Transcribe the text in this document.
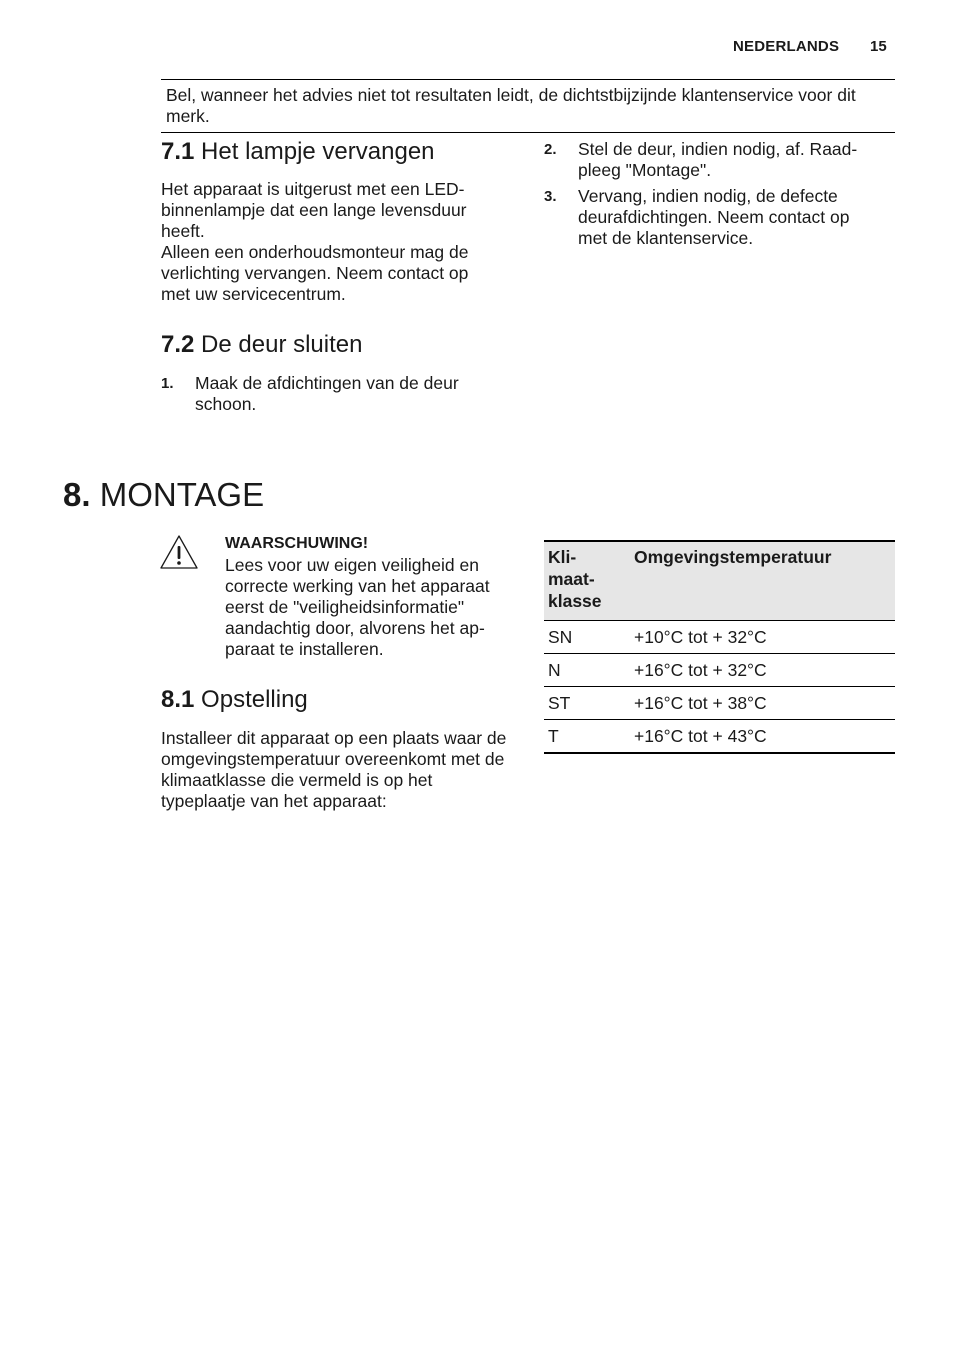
NEDERLANDS 15
Bel, wanneer het advies niet tot resultaten leidt, de dichtstbijzijnde klantenservice voor dit merk.
7.1 Het lampje vervangen
Het apparaat is uitgerust met een LED-binnenlampje dat een lange levensduur heeft.
Alleen een onderhoudsmonteur mag de verlichting vervangen. Neem contact op met uw servicecentrum.
7.2 De deur sluiten
1. Maak de afdichtingen van de deur schoon.
2. Stel de deur, indien nodig, af. Raad-pleeg "Montage".
3. Vervang, indien nodig, de defecte deurafdichtingen. Neem contact op met de klantenservice.
8. MONTAGE
WAARSCHUWING!
Lees voor uw eigen veiligheid en correcte werking van het apparaat eerst de "veiligheidsinformatie" aandachtig door, alvorens het ap-paraat te installeren.
8.1 Opstelling
Installeer dit apparaat op een plaats waar de omgevingstemperatuur overeenkomt met de klimaatklasse die vermeld is op het typeplaatje van het apparaat:
Kli-maat-klasse	Omgevingstemperatuur
SN	+10°C tot + 32°C
N	+16°C tot + 32°C
ST	+16°C tot + 38°C
T	+16°C tot + 43°C
